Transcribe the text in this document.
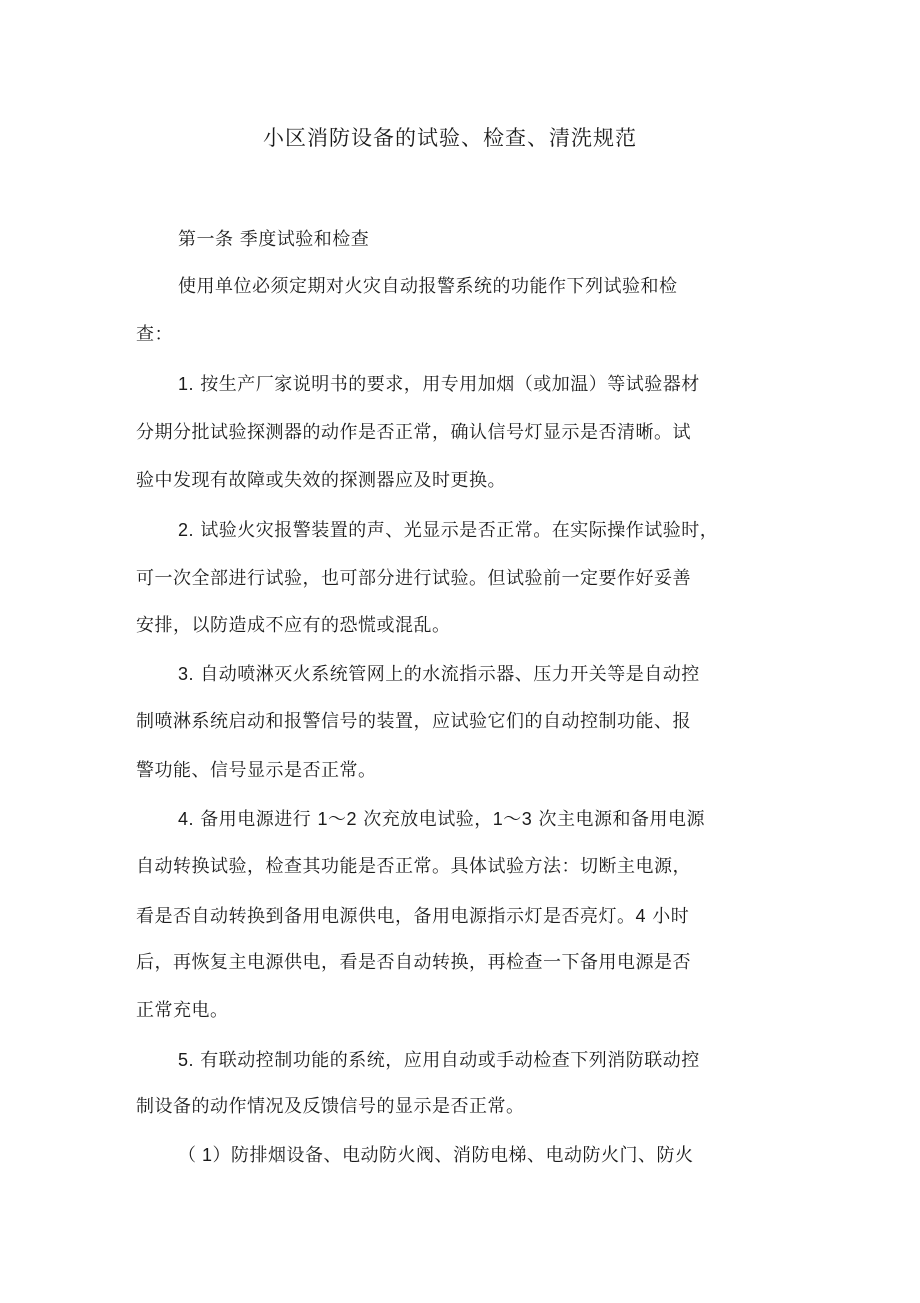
小区消防设备的试验、检查、清洗规范
第一条 季度试验和检查
使用单位必须定期对火灾自动报警系统的功能作下列试验和检
查：
1. 按生产厂家说明书的要求，用专用加烟（或加温）等试验器材
分期分批试验探测器的动作是否正常，确认信号灯显示是否清晰。试
验中发现有故障或失效的探测器应及时更换。
2. 试验火灾报警装置的声、光显示是否正常。在实际操作试验时，
可一次全部进行试验，也可部分进行试验。但试验前一定要作好妥善
安排，以防造成不应有的恐慌或混乱。
3. 自动喷淋灭火系统管网上的水流指示器、压力开关等是自动控
制喷淋系统启动和报警信号的装置，应试验它们的自动控制功能、报
警功能、信号显示是否正常。
4. 备用电源进行 1～2 次充放电试验，1～3 次主电源和备用电源
自动转换试验，检查其功能是否正常。具体试验方法：切断主电源，
看是否自动转换到备用电源供电，备用电源指示灯是否亮灯。4 小时
后，再恢复主电源供电，看是否自动转换，再检查一下备用电源是否
正常充电。
5. 有联动控制功能的系统，应用自动或手动检查下列消防联动控
制设备的动作情况及反馈信号的显示是否正常。
（ 1）防排烟设备、电动防火阀、消防电梯、电动防火门、防火
